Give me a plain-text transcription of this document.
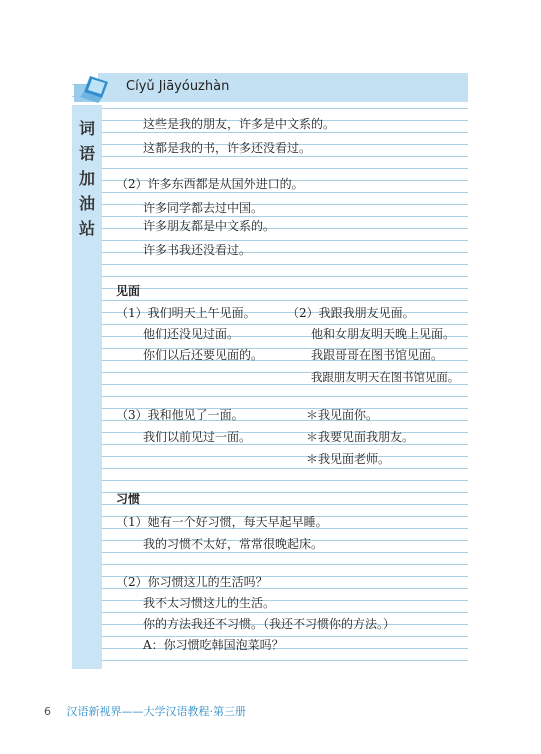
Cíyǔ Jiāyóuzhàn
词
语
加
油
站
这些是我的朋友，许多是中文系的。
这都是我的书，许多还没看过。
（2）许多东西都是从国外进口的。
许多同学都去过中国。
许多朋友都是中文系的。
许多书我还没看过。
见面
（1）我们明天上午见面。
他们还没见过面。
你们以后还要见面的。
（2）我跟我朋友见面。
他和女朋友明天晚上见面。
我跟哥哥在图书馆见面。
我跟朋友明天在图书馆见面。
（3）我和他见了一面。
我们以前见过一面。
＊我见面你。
＊我要见面我朋友。
＊我见面老师。
习惯
（1）她有一个好习惯，每天早起早睡。
我的习惯不太好，常常很晚起床。
（2）你习惯这儿的生活吗？
我不太习惯这儿的生活。
你的方法我还不习惯。（我还不习惯你的方法。）
A：你习惯吃韩国泡菜吗？
6 汉语新视界——大学汉语教程·第三册
